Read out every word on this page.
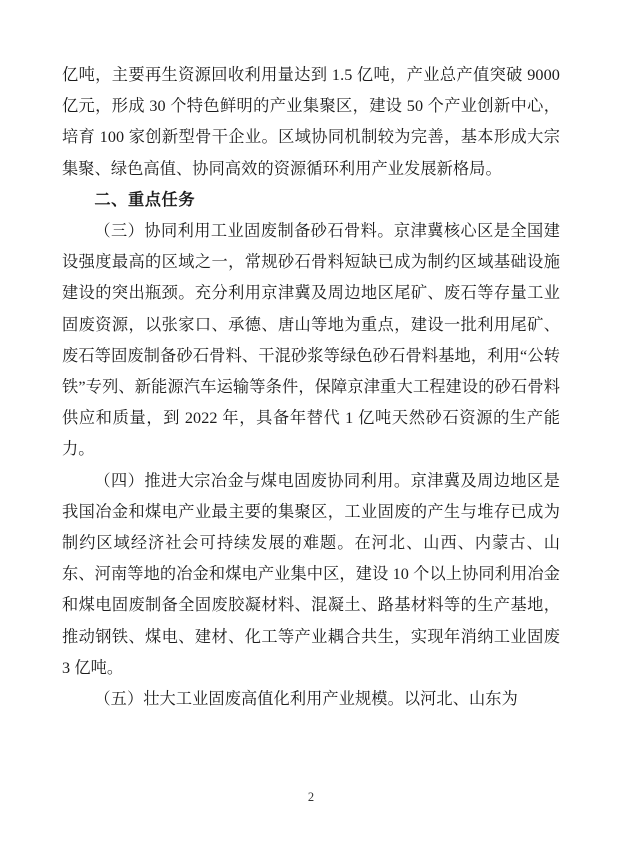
亿吨，主要再生资源回收利用量达到 1.5 亿吨，产业总产值突破 9000 亿元，形成 30 个特色鲜明的产业集聚区，建设 50 个产业创新中心，培育 100 家创新型骨干企业。区域协同机制较为完善，基本形成大宗集聚、绿色高值、协同高效的资源循环利用产业发展新格局。

二、重点任务

（三）协同利用工业固废制备砂石骨料。京津冀核心区是全国建设强度最高的区域之一，常规砂石骨料短缺已成为制约区域基础设施建设的突出瓶颈。充分利用京津冀及周边地区尾矿、废石等存量工业固废资源，以张家口、承德、唐山等地为重点，建设一批利用尾矿、废石等固废制备砂石骨料、干混砂浆等绿色砂石骨料基地，利用“公转铁”专列、新能源汽车运输等条件，保障京津重大工程建设的砂石骨料供应和质量，到 2022 年，具备年替代 1 亿吨天然砂石资源的生产能力。

（四）推进大宗冶金与煤电固废协同利用。京津冀及周边地区是我国冶金和煤电产业最主要的集聚区，工业固废的产生与堆存已成为制约区域经济社会可持续发展的难题。在河北、山西、内蒙古、山东、河南等地的冶金和煤电产业集中区，建设 10 个以上协同利用冶金和煤电固废制备全固废胶凝材料、混凝土、路基材料等的生产基地，推动钢铁、煤电、建材、化工等产业耦合共生，实现年消纳工业固废 3 亿吨。

（五）壮大工业固废高值化利用产业规模。以河北、山东为

2
